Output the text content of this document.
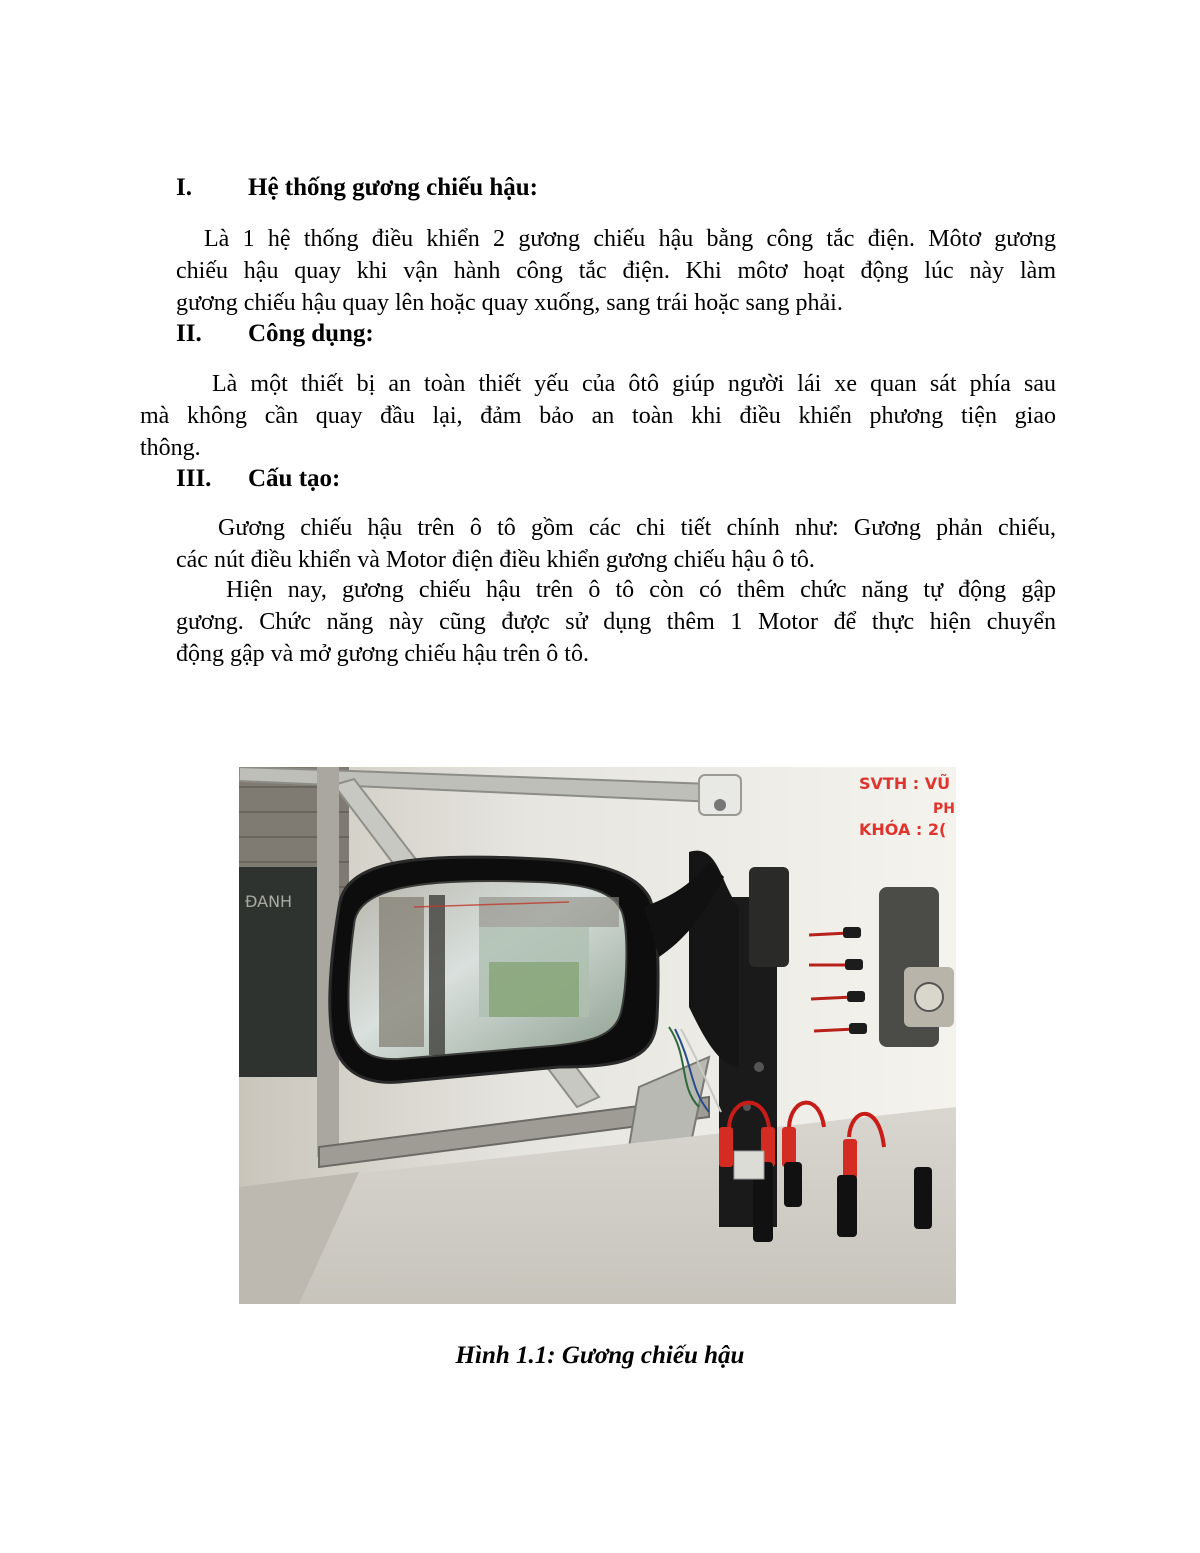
I. Hệ thống gương chiếu hậu:
Là 1 hệ thống điều khiển 2 gương chiếu hậu bằng công tắc điện. Môtơ gương
chiếu hậu quay khi vận hành công tắc điện. Khi môtơ hoạt động lúc này làm
gương chiếu hậu quay lên hoặc quay xuống, sang trái hoặc sang phải.
II. Công dụng:
Là một thiết bị an toàn thiết yếu của ôtô giúp người lái xe quan sát phía sau
mà không cần quay đầu lại, đảm bảo an toàn khi điều khiển phương tiện giao
thông.
III. Cấu tạo:
Gương chiếu hậu trên ô tô gồm các chi tiết chính như: Gương phản chiếu,
các nút điều khiển và Motor điện điều khiển gương chiếu hậu ô tô.
Hiện nay, gương chiếu hậu trên ô tô còn có thêm chức năng tự động gập
gương. Chức năng này cũng được sử dụng thêm 1 Motor để thực hiện chuyển
động gập và mở gương chiếu hậu trên ô tô.
ĐANH
SVTH : VŨ
PH
KHÓA : 2(
Hình 1.1: Gương chiếu hậu
